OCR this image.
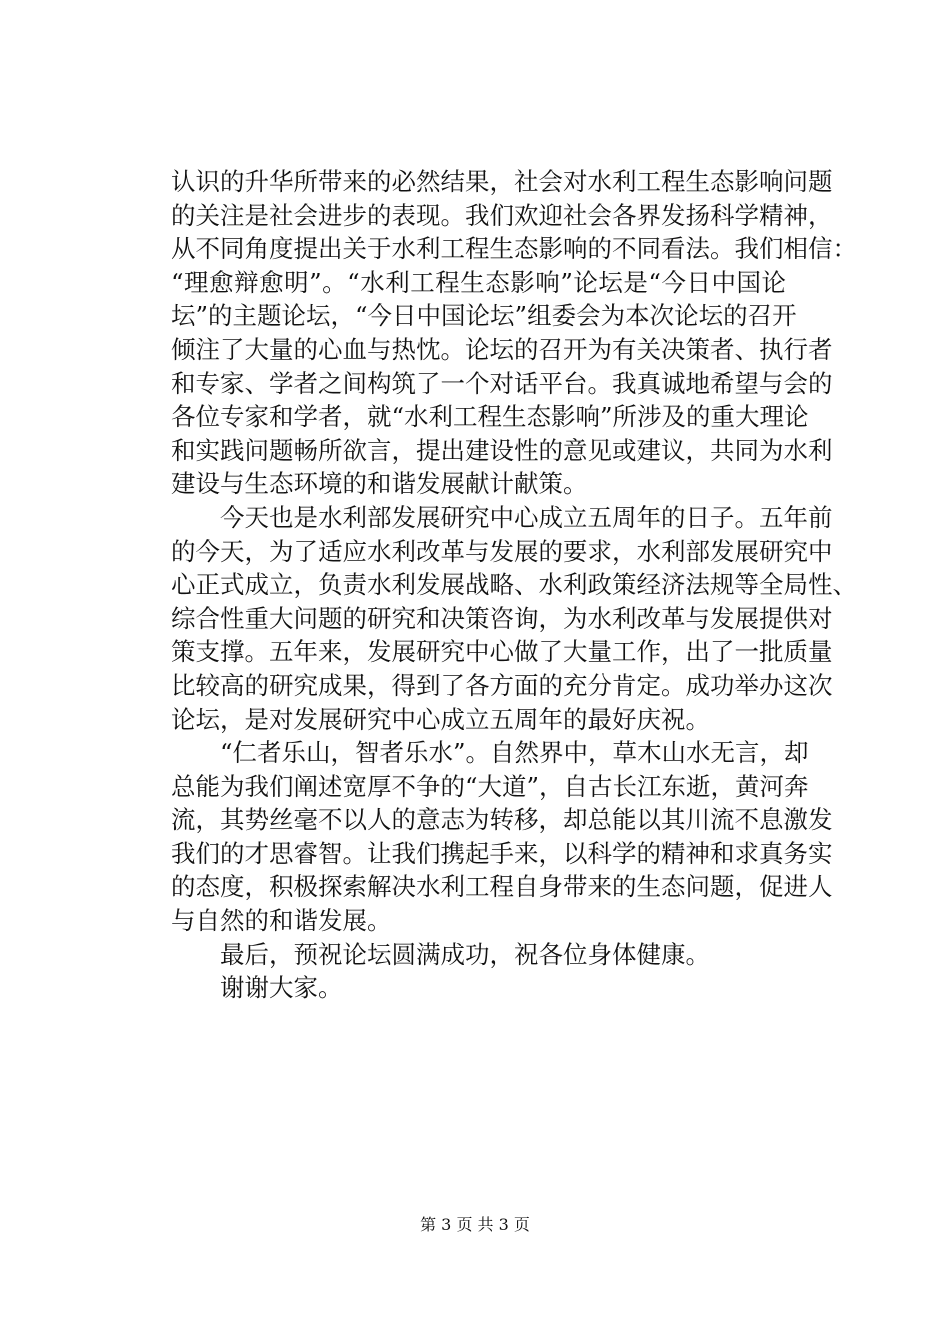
认识的升华所带来的必然结果，社会对水利工程生态影响问题
的关注是社会进步的表现。我们欢迎社会各界发扬科学精神，
从不同角度提出关于水利工程生态影响的不同看法。我们相信：
“理愈辩愈明”。“水利工程生态影响”论坛是“今日中国论
坛”的主题论坛，“今日中国论坛”组委会为本次论坛的召开
倾注了大量的心血与热忱。论坛的召开为有关决策者、执行者
和专家、学者之间构筑了一个对话平台。我真诚地希望与会的
各位专家和学者，就“水利工程生态影响”所涉及的重大理论
和实践问题畅所欲言，提出建设性的意见或建议，共同为水利
建设与生态环境的和谐发展献计献策。
　　今天也是水利部发展研究中心成立五周年的日子。五年前
的今天，为了适应水利改革与发展的要求，水利部发展研究中
心正式成立，负责水利发展战略、水利政策经济法规等全局性、
综合性重大问题的研究和决策咨询，为水利改革与发展提供对
策支撑。五年来，发展研究中心做了大量工作，出了一批质量
比较高的研究成果，得到了各方面的充分肯定。成功举办这次
论坛，是对发展研究中心成立五周年的最好庆祝。
　　“仁者乐山，智者乐水”。自然界中，草木山水无言，却
总能为我们阐述宽厚不争的“大道”，自古长江东逝，黄河奔
流，其势丝毫不以人的意志为转移，却总能以其川流不息激发
我们的才思睿智。让我们携起手来，以科学的精神和求真务实
的态度，积极探索解决水利工程自身带来的生态问题，促进人
与自然的和谐发展。
　　最后，预祝论坛圆满成功，祝各位身体健康。
　　谢谢大家。
第 3 页 共 3 页
